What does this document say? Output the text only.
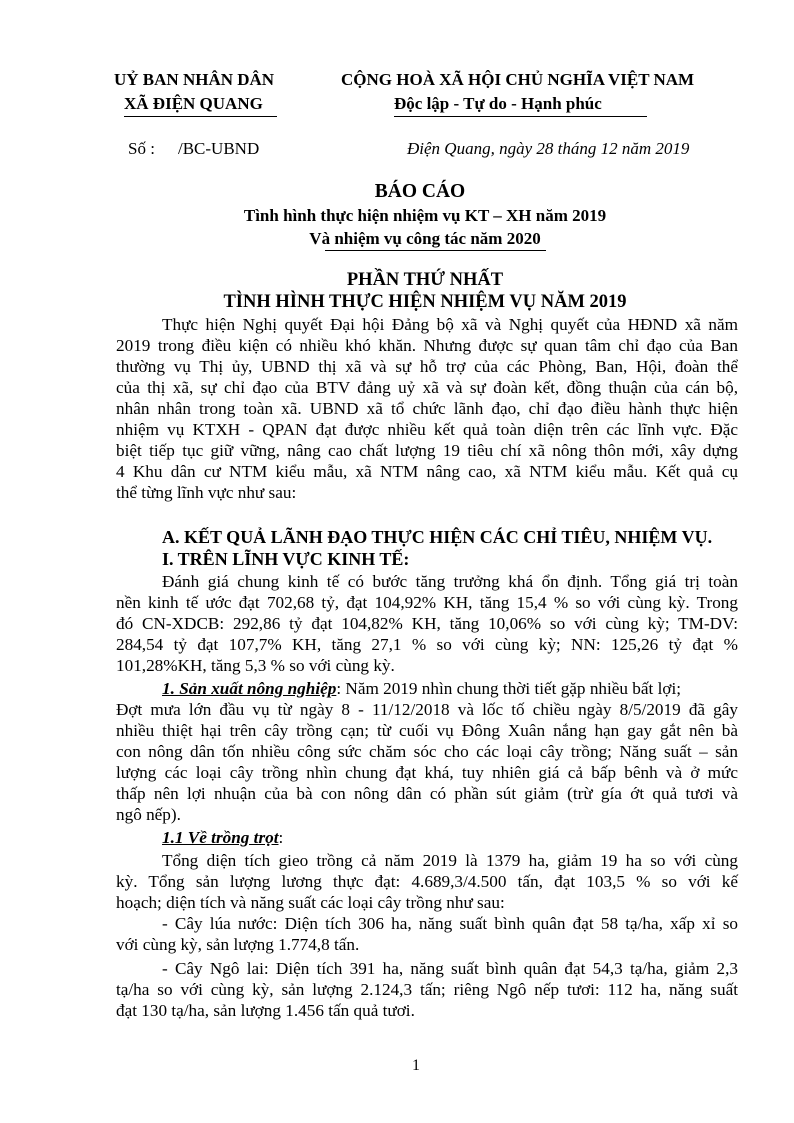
UỶ BAN NHÂN DÂN
XÃ ĐIỆN QUANG
CỘNG HOÀ XÃ HỘI CHỦ NGHĨA VIỆT NAM
Độc lập - Tự do - Hạnh phúc
Số : /BC-UBND	Điện Quang, ngày 28 tháng 12 năm 2019
BÁO CÁO
Tình hình thực hiện nhiệm vụ KT – XH năm 2019
Và nhiệm vụ công tác năm 2020
PHẦN THỨ NHẤT
TÌNH HÌNH THỰC HIỆN NHIỆM VỤ NĂM 2019
Thực hiện Nghị quyết Đại hội Đảng bộ xã và Nghị quyết của HĐND xã năm
2019 trong điều kiện có nhiều khó khăn. Nhưng được sự quan tâm chỉ đạo của Ban
thường vụ Thị ủy, UBND thị xã và sự hỗ trợ của các Phòng, Ban, Hội, đoàn thể
của thị xã, sự chỉ đạo của BTV đảng uỷ xã và sự đoàn kết, đồng thuận của cán bộ,
nhân nhân trong toàn xã. UBND xã tổ chức lãnh đạo, chỉ đạo điều hành thực hiện
nhiệm vụ KTXH - QPAN đạt được nhiều kết quả toàn diện trên các lĩnh vực. Đặc
biệt tiếp tục giữ vững, nâng cao chất lượng 19 tiêu chí xã nông thôn mới, xây dựng
4 Khu dân cư NTM kiểu mẫu, xã NTM nâng cao, xã NTM kiểu mẫu. Kết quả cụ
thể từng lĩnh vực như sau:
A. KẾT QUẢ LÃNH ĐẠO THỰC HIỆN CÁC CHỈ TIÊU, NHIỆM VỤ.
I. TRÊN LĨNH VỰC KINH TẾ:
Đánh giá chung kinh tế có bước tăng trưởng khá ổn định. Tổng giá trị toàn
nền kinh tế ước đạt 702,68 tỷ, đạt 104,92% KH, tăng 15,4 % so với cùng kỳ. Trong
đó CN-XDCB: 292,86 tỷ đạt 104,82% KH, tăng 10,06% so với cùng kỳ; TM-DV:
284,54 tỷ đạt 107,7% KH, tăng 27,1 % so với cùng kỳ; NN: 125,26 tỷ đạt %
101,28%KH, tăng 5,3 % so với cùng kỳ.
1. Sản xuất nông nghiệp: Năm 2019 nhìn chung thời tiết gặp nhiều bất lợi;
Đợt mưa lớn đầu vụ từ ngày 8 - 11/12/2018 và lốc tố chiều ngày 8/5/2019 đã gây
nhiều thiệt hại trên cây trồng cạn; từ cuối vụ Đông Xuân nắng hạn gay gắt nên bà
con nông dân tốn nhiều công sức chăm sóc cho các loại cây trồng; Năng suất – sản
lượng các loại cây trồng nhìn chung đạt khá, tuy nhiên giá cả bấp bênh và ở mức
thấp nên lợi nhuận của bà con nông dân có phần sút giảm (trừ gía ớt quả tươi và
ngô nếp).
1.1 Về trồng trọt:
Tổng diện tích gieo trồng cả năm 2019 là 1379 ha, giảm 19 ha so với cùng
kỳ. Tổng sản lượng lương thực đạt: 4.689,3/4.500 tấn, đạt 103,5 % so với kế
hoạch; diện tích và năng suất các loại cây trồng như sau:
- Cây lúa nước: Diện tích 306 ha, năng suất bình quân đạt 58 tạ/ha, xấp xỉ so
với cùng kỳ, sản lượng 1.774,8 tấn.
- Cây Ngô lai: Diện tích 391 ha, năng suất bình quân đạt 54,3 tạ/ha, giảm 2,3
tạ/ha so với cùng kỳ, sản lượng 2.124,3 tấn; riêng Ngô nếp tươi: 112 ha, năng suất
đạt 130 tạ/ha, sản lượng 1.456 tấn quả tươi.
1
